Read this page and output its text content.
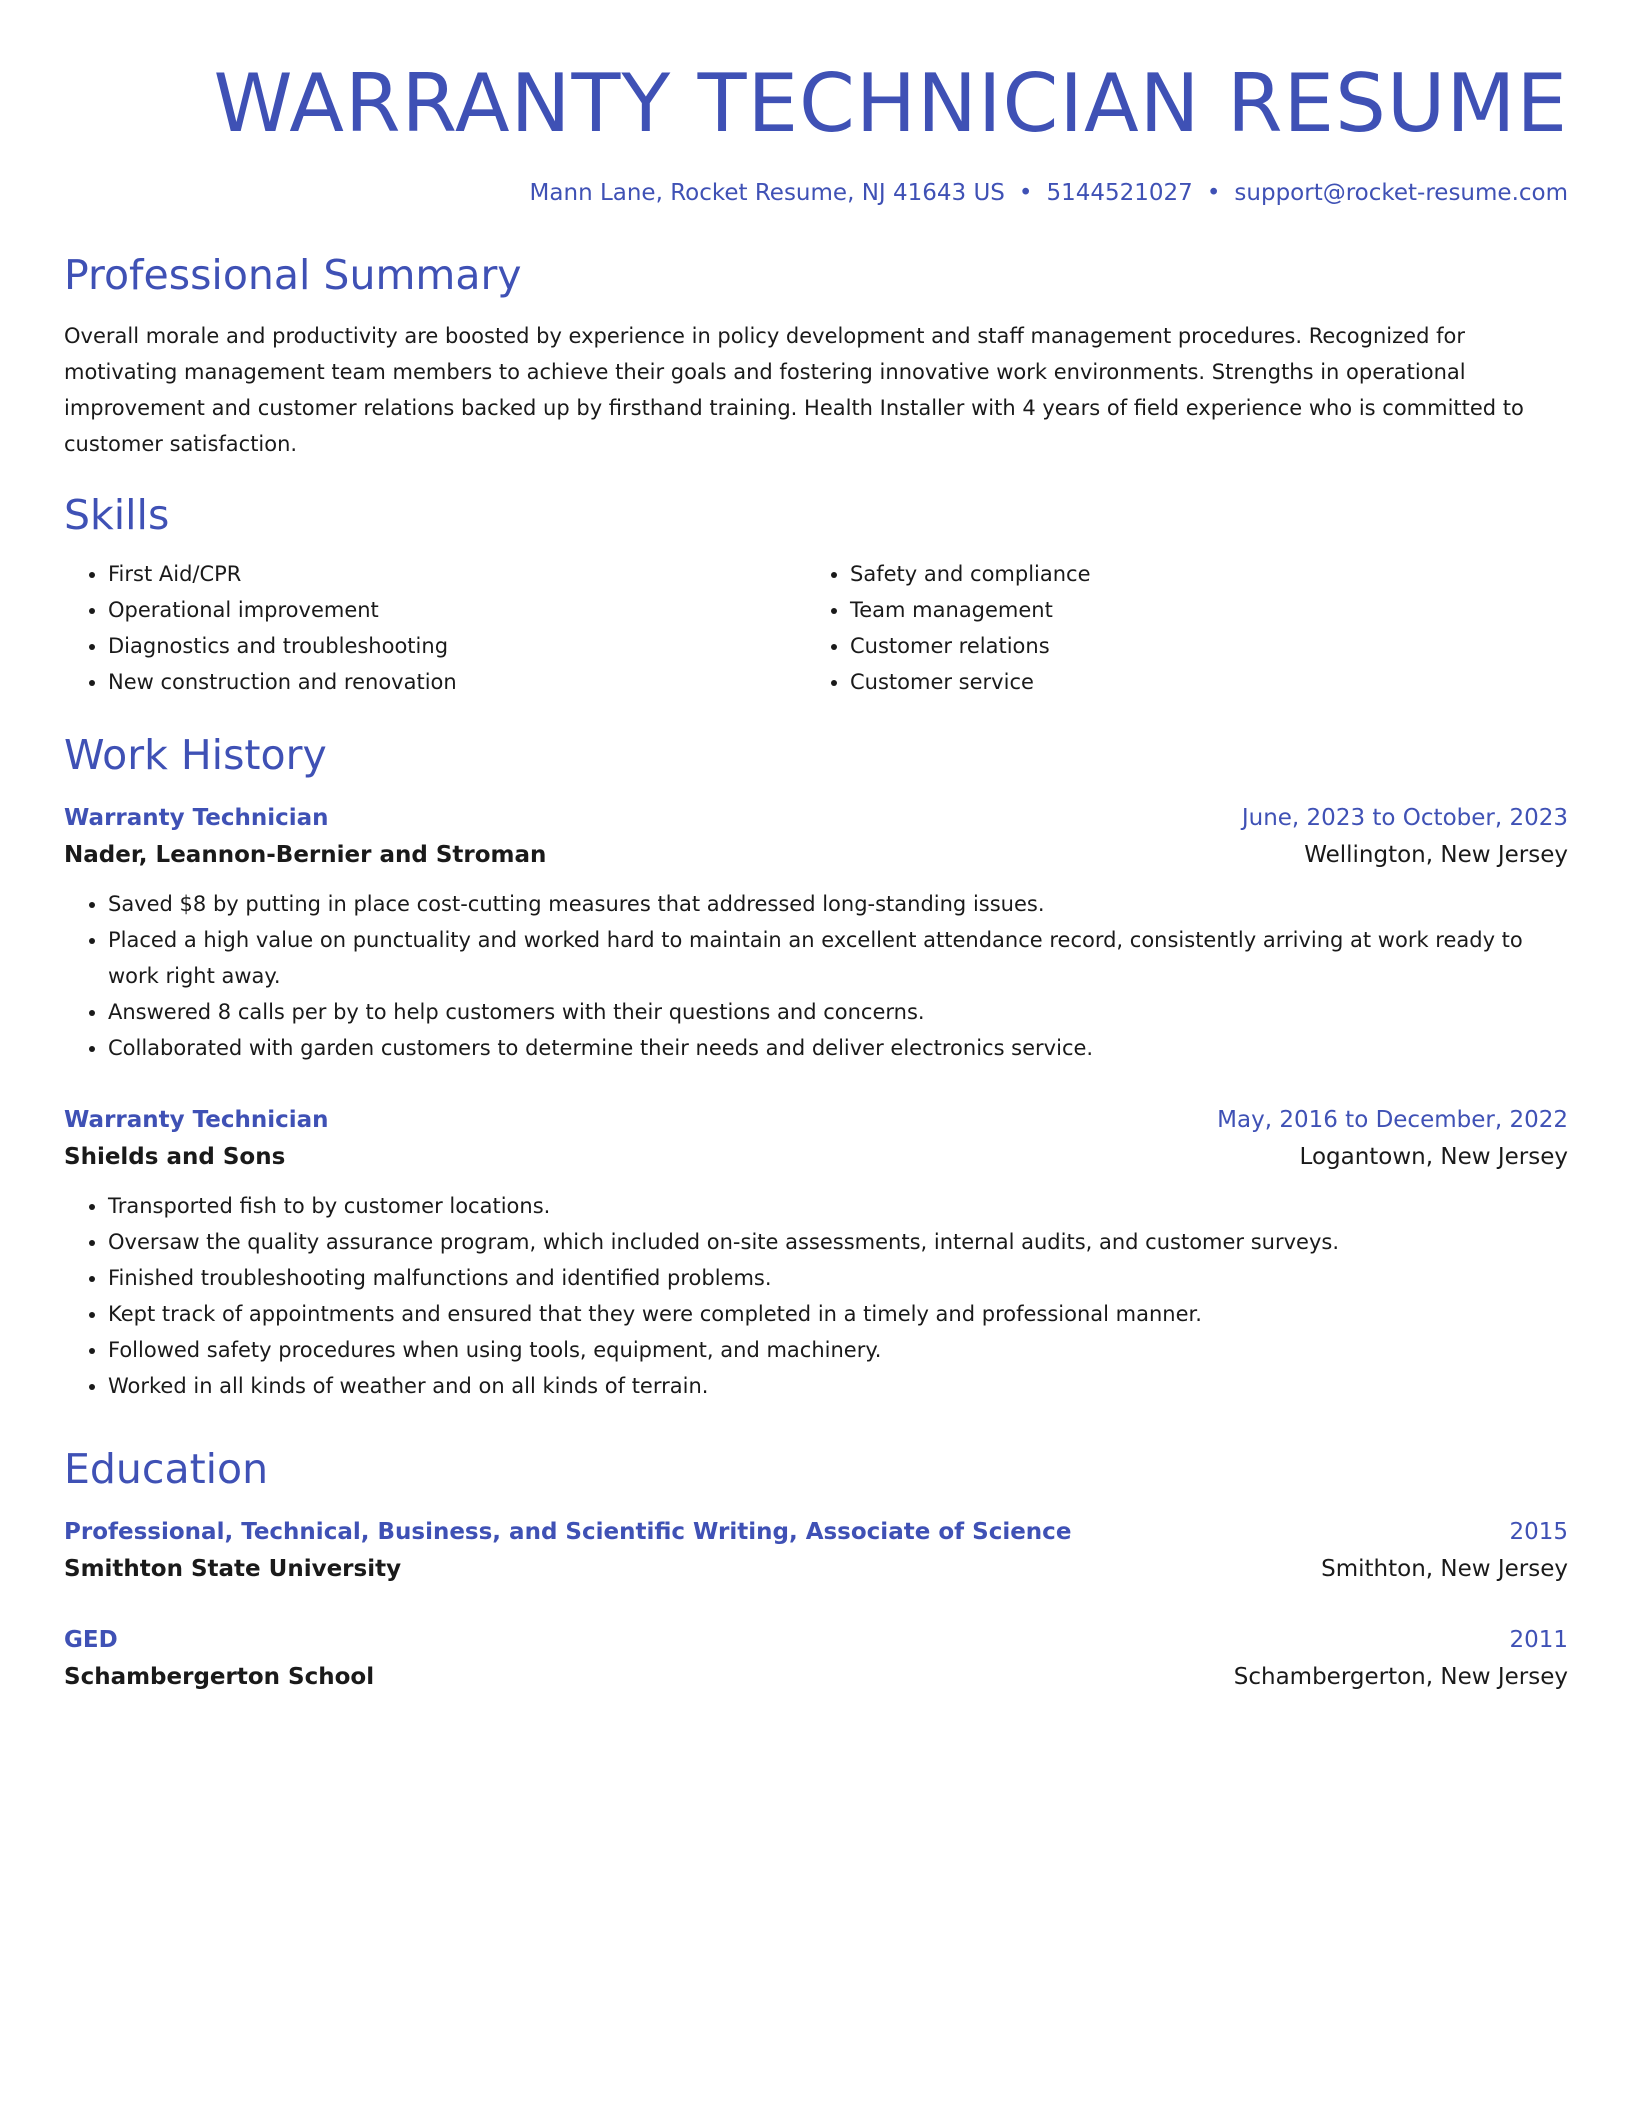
WARRANTY TECHNICIAN RESUME
Mann Lane, Rocket Resume, NJ 41643 US • 5144521027 • support@rocket-resume.com
Professional Summary

Overall morale and productivity are boosted by experience in policy development and staff management procedures. Recognized for motivating management team members to achieve their goals and fostering innovative work environments. Strengths in operational improvement and customer relations backed up by firsthand training. Health Installer with 4 years of field experience who is committed to customer satisfaction.

Skills
• First Aid/CPR
• Operational improvement
• Diagnostics and troubleshooting
• New construction and renovation
• Safety and compliance
• Team management
• Customer relations
• Customer service
Work History
Warranty Technician	June, 2023 to October, 2023
Nader, Leannon-Bernier and Stroman	Wellington, New Jersey
• Saved $8 by putting in place cost-cutting measures that addressed long-standing issues.
• Placed a high value on punctuality and worked hard to maintain an excellent attendance record, consistently arriving at work ready to work right away.
• Answered 8 calls per by to help customers with their questions and concerns.
• Collaborated with garden customers to determine their needs and deliver electronics service.
Warranty Technician	May, 2016 to December, 2022
Shields and Sons	Logantown, New Jersey
• Transported fish to by customer locations.
• Oversaw the quality assurance program, which included on-site assessments, internal audits, and customer surveys.
• Finished troubleshooting malfunctions and identified problems.
• Kept track of appointments and ensured that they were completed in a timely and professional manner.
• Followed safety procedures when using tools, equipment, and machinery.
• Worked in all kinds of weather and on all kinds of terrain.
Education
Professional, Technical, Business, and Scientific Writing, Associate of Science	2015
Smithton State University	Smithton, New Jersey
GED	2011
Schambergerton School	Schambergerton, New Jersey
